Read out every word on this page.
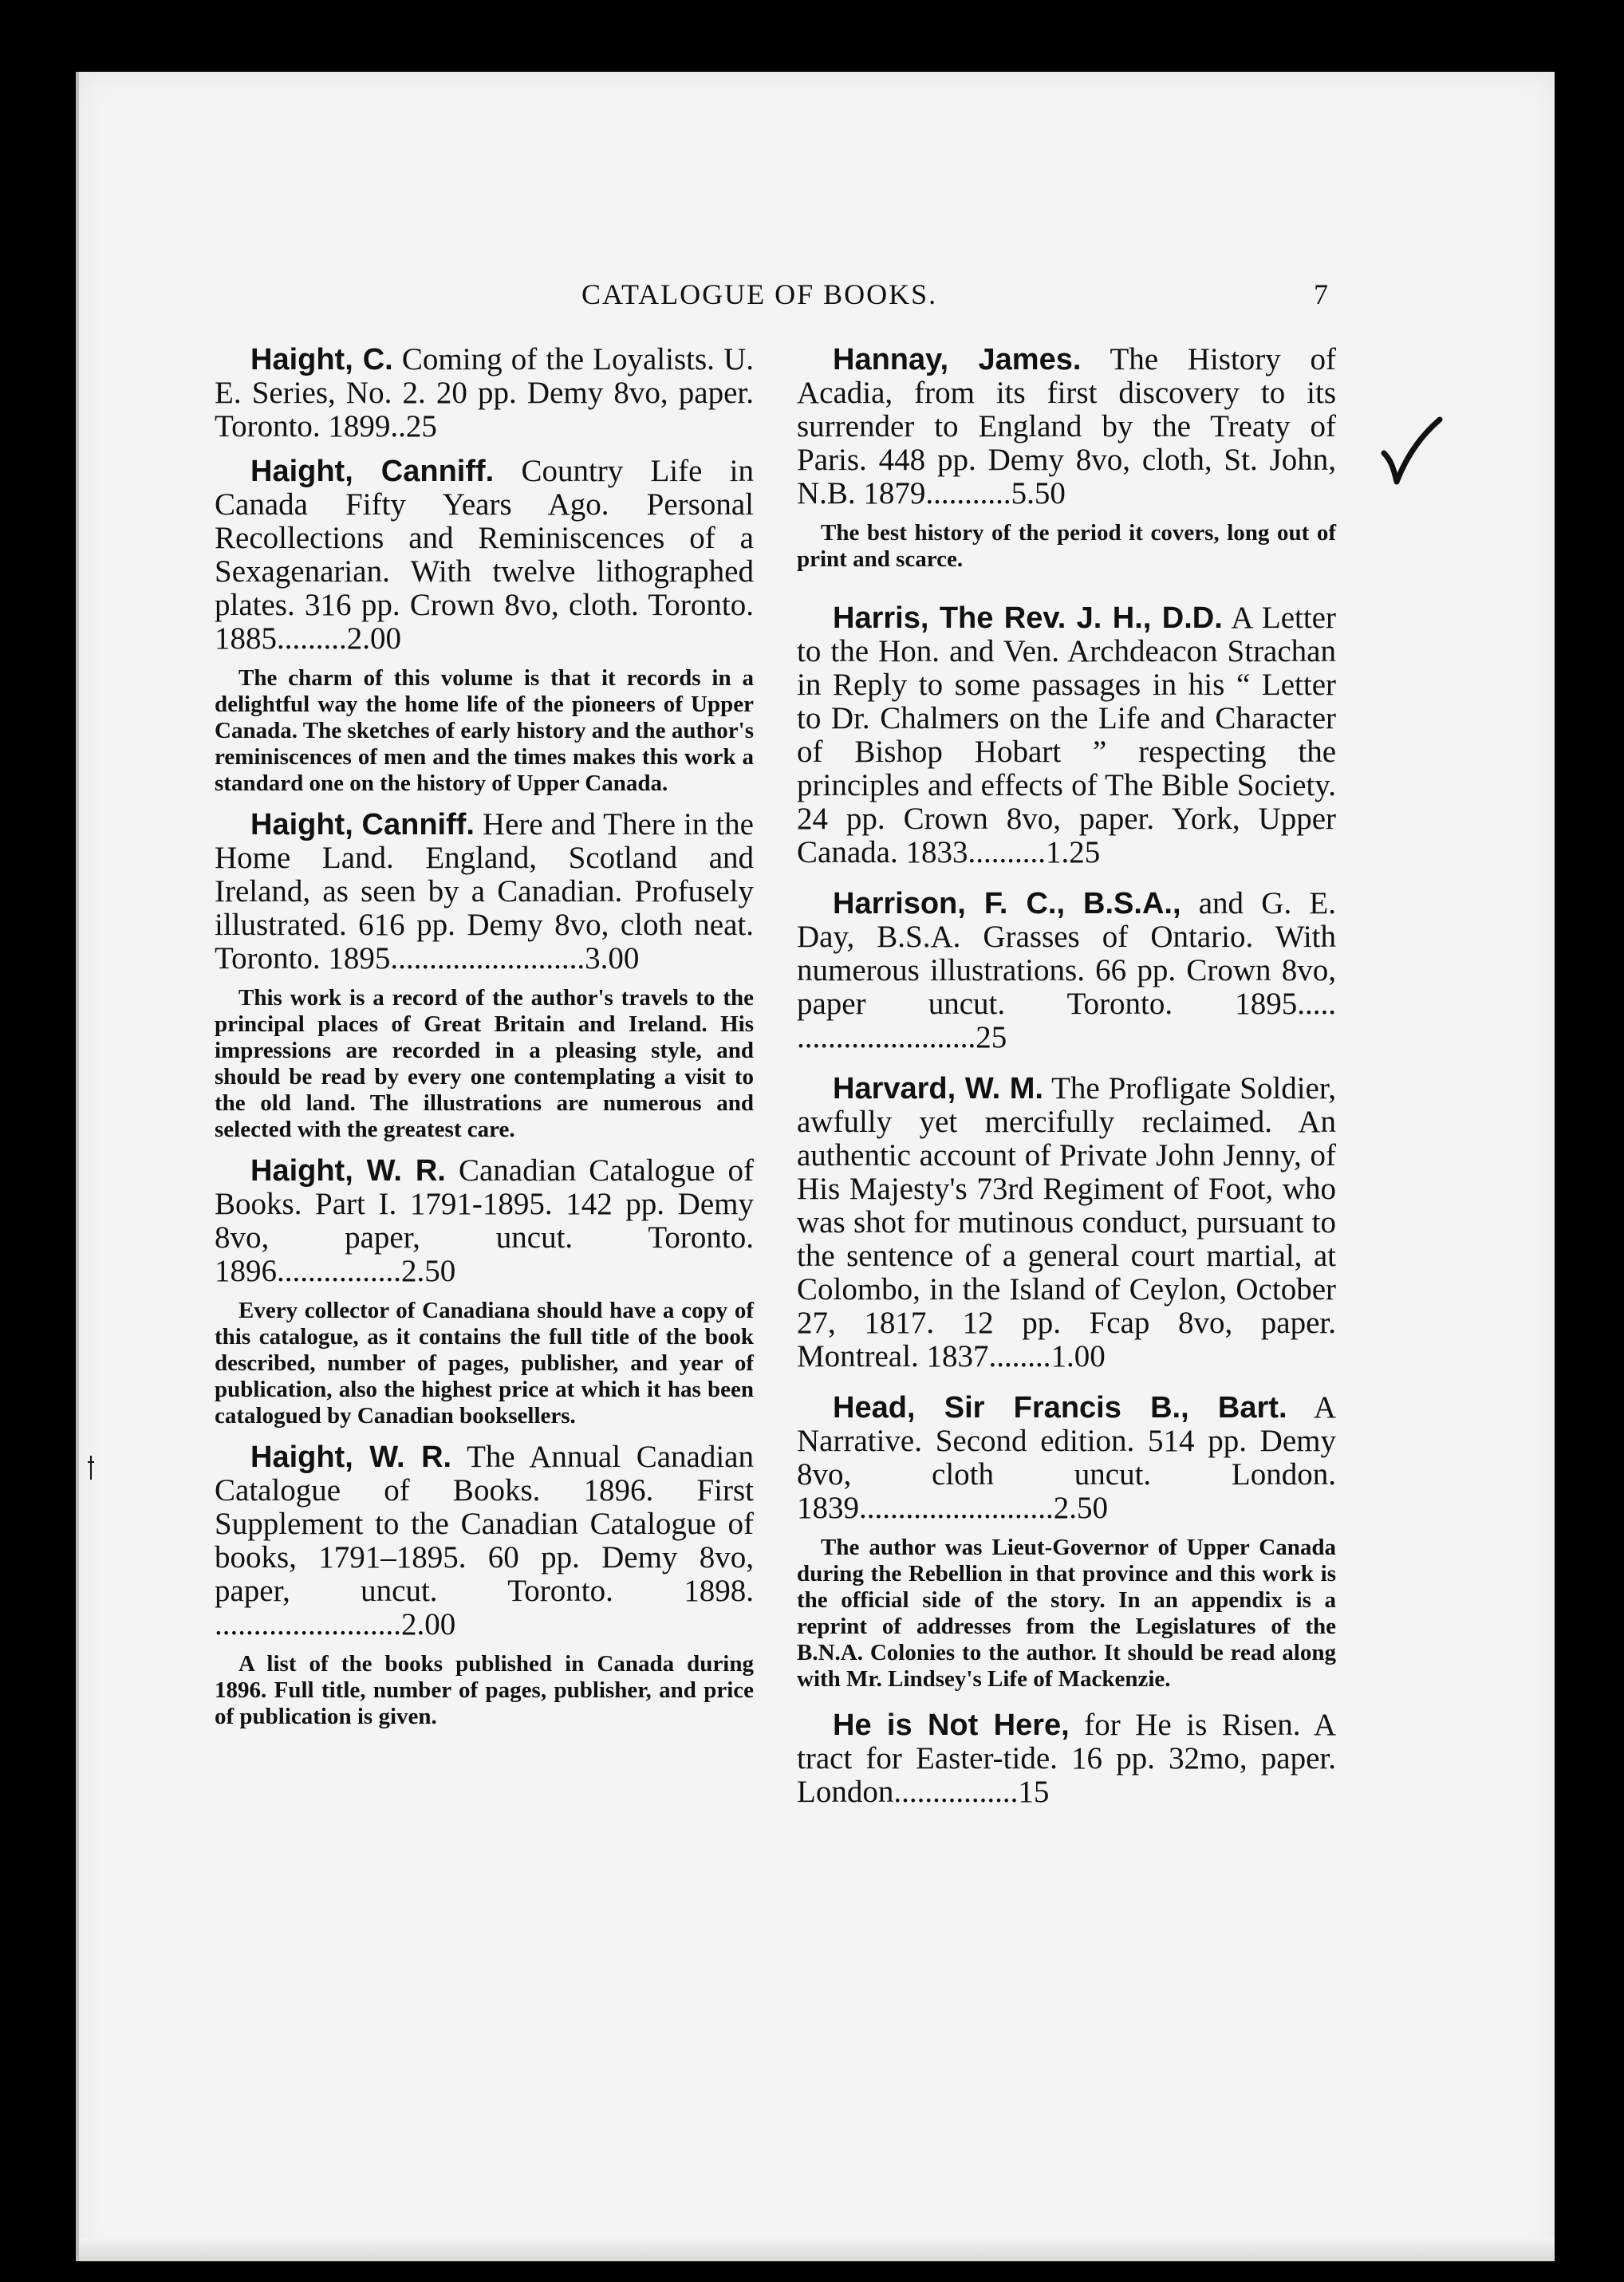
CATALOGUE OF BOOKS.	7

Haight, C. Coming of the Loyalists. U. E. Series, No. 2. 20 pp. Demy 8vo, paper. Toronto. 1899..25

Haight, Canniff. Country Life in Canada Fifty Years Ago. Personal Recollections and Reminiscences of a Sexagenarian. With twelve lithographed plates. 316 pp. Crown 8vo, cloth. Toronto. 1885.........2.00

The charm of this volume is that it records in a delightful way the home life of the pioneers of Upper Canada. The sketches of early history and the author's reminiscences of men and the times makes this work a standard one on the history of Upper Canada.

Haight, Canniff. Here and There in the Home Land. England, Scotland and Ireland, as seen by a Canadian. Profusely illustrated. 616 pp. Demy 8vo, cloth neat. Toronto. 1895.........................3.00

This work is a record of the author's travels to the principal places of Great Britain and Ireland. His impressions are recorded in a pleasing style, and should be read by every one contemplating a visit to the old land. The illustrations are numerous and selected with the greatest care.

Haight, W. R. Canadian Catalogue of Books. Part I. 1791-1895. 142 pp. Demy 8vo, paper, uncut. Toronto. 1896................2.50

Every collector of Canadiana should have a copy of this catalogue, as it contains the full title of the book described, number of pages, publisher, and year of publication, also the highest price at which it has been catalogued by Canadian booksellers.

Haight, W. R. The Annual Canadian Catalogue of Books. 1896. First Supplement to the Canadian Catalogue of books, 1791–1895. 60 pp. Demy 8vo, paper, uncut. Toronto. 1898. ........................2.00

A list of the books published in Canada during 1896. Full title, number of pages, publisher, and price of publication is given.

Hannay, James. The History of Acadia, from its first discovery to its surrender to England by the Treaty of Paris. 448 pp. Demy 8vo, cloth, St. John, N.B. 1879...........5.50

The best history of the period it covers, long out of print and scarce.

Harris, The Rev. J. H., D.D. A Letter to the Hon. and Ven. Archdeacon Strachan in Reply to some passages in his “ Letter to Dr. Chalmers on the Life and Character of Bishop Hobart ” respecting the principles and effects of The Bible Society. 24 pp. Crown 8vo, paper. York, Upper Canada. 1833..........1.25

Harrison, F. C., B.S.A., and G. E. Day, B.S.A. Grasses of Ontario. With numerous illustrations. 66 pp. Crown 8vo, paper uncut. Toronto. 1895..... .......................25

Harvard, W. M. The Profligate Soldier, awfully yet mercifully reclaimed. An authentic account of Private John Jenny, of His Majesty's 73rd Regiment of Foot, who was shot for mutinous conduct, pursuant to the sentence of a general court martial, at Colombo, in the Island of Ceylon, October 27, 1817. 12 pp. Fcap 8vo, paper. Montreal. 1837........1.00

Head, Sir Francis B., Bart. A Narrative. Second edition. 514 pp. Demy 8vo, cloth uncut. London. 1839.........................2.50

The author was Lieut-Governor of Upper Canada during the Rebellion in that province and this work is the official side of the story. In an appendix is a reprint of addresses from the Legislatures of the B.N.A. Colonies to the author. It should be read along with Mr. Lindsey's Life of Mackenzie.

He is Not Here, for He is Risen. A tract for Easter-tide. 16 pp. 32mo, paper. London................15
